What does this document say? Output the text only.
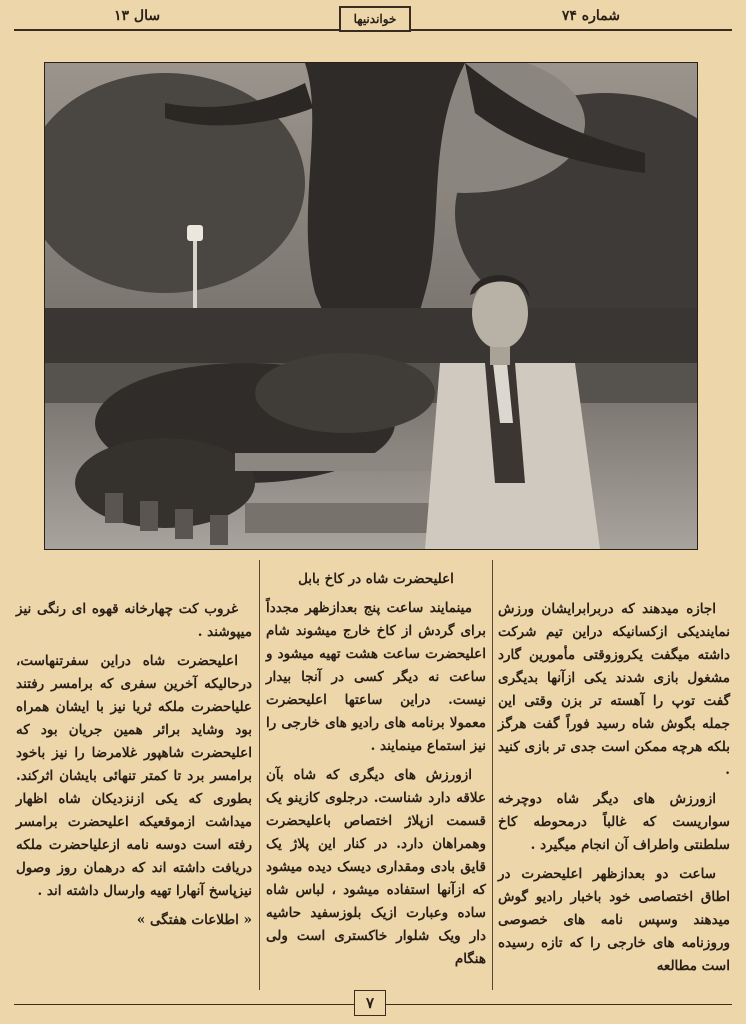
شماره ۷۴
سال ۱۳	خواندنیها

اجازه میدهند که دربرابرایشان ورزش نمایندیکی ازکسانیکه دراین تیم شرکت داشته میگفت یکروزوقتی مأمورین گارد مشغول بازی شدند یکی ازآنها بدیگری گفت توپ را آهسته تر بزن وقتی این جمله بگوش شاه رسید فوراً گفت هرگز بلکه هرچه ممکن است جدی تر بازی کنید .

ازورزش های دیگر شاه دوچرخه سواریست که غالباً درمحوطه کاخ سلطنتی واطراف آن انجام میگیرد .

ساعت دو بعدازظهر اعلیحضرت در اطاق اختصاصی خود باخبار رادیو گوش میدهند وسپس نامه های خصوصی وروزنامه های خارجی را که تازه رسیده است مطالعه

اعلیحضرت شاه در کاخ بابل

مینمایند ساعت پنج بعدازظهر مجدداً برای گردش از کاخ خارج میشوند شام اعلیحضرت ساعت هشت تهیه میشود و ساعت نه دیگر کسی در آنجا بیدار نیست. دراین ساعتها اعلیحضرت معمولا برنامه های رادیو های خارجی را نیز استماع مینمایند .

ازورزش های دیگری که شاه بآن علاقه دارد شناست. درجلوی کازینو یک قسمت ازپلاژ اختصاص باعلیحضرت وهمراهان دارد. در کنار این پلاژ یک قایق بادی ومقداری دیسک دیده میشود که ازآنها استفاده میشود ، لباس شاه ساده وعبارت ازیک بلوزسفید حاشیه دار ویک شلوار خاکستری است ولی هنگام

غروب کت چهارخانه قهوه ای رنگی نیز میپوشند .

اعلیحضرت شاه دراین سفرتنهاست، درحالیکه آخرین سفری که برامسر رفتند علیاحضرت ملکه ثریا نیز با ایشان همراه بود وشاید برائر همین جریان بود که اعلیحضرت شاهپور غلامرضا را نیز باخود برامسر برد تا کمتر تنهائی بایشان اثرکند. بطوری که یکی ازنزدیکان شاه اظهار میداشت ازموقعیکه اعلیحضرت برامسر رفته است دوسه نامه ازعلیاحضرت ملکه دریافت داشته اند که درهمان روز وصول نیزپاسخ آنهارا تهیه وارسال داشته اند .

« اطلاعات هفتگی »

۷
